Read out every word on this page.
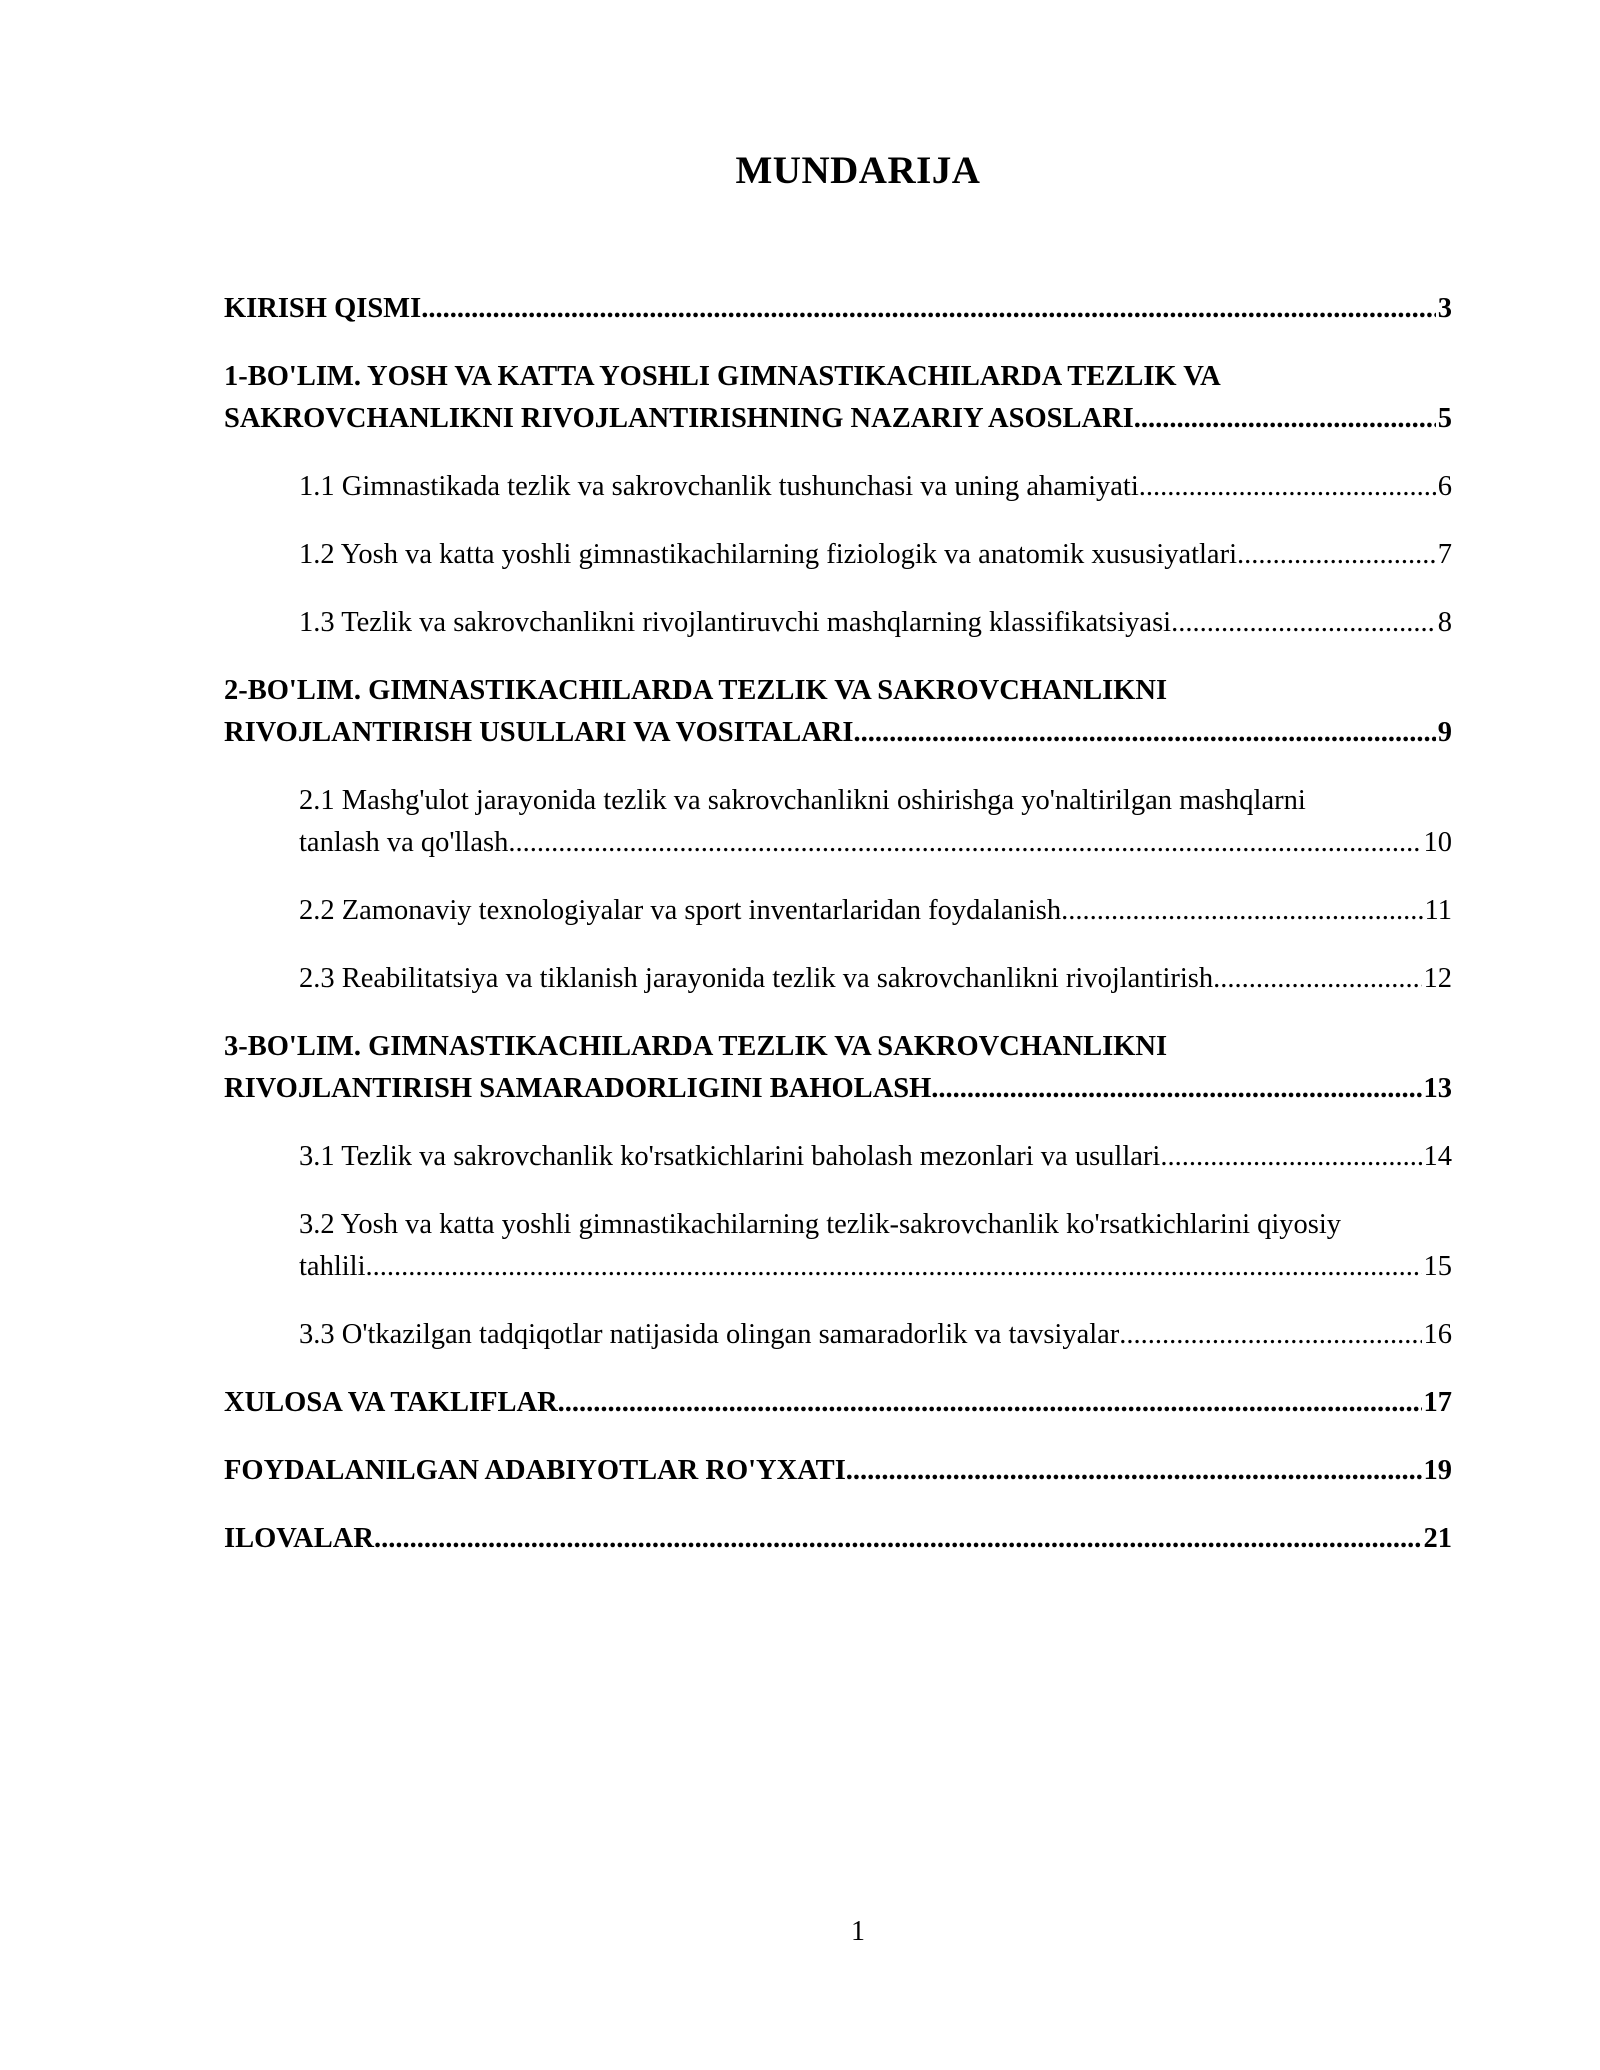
MUNDARIJA
KIRISH QISMI .....	3
1-BO'LIM. YOSH VA KATTA YOSHLI GIMNASTIKACHILARDA TEZLIK VA
SAKROVCHANLIKNI RIVOJLANTIRISHNING NAZARIY ASOSLARI .....	5
1.1 Gimnastikada tezlik va sakrovchanlik tushunchasi va uning ahamiyati .....	6
1.2 Yosh va katta yoshli gimnastikachilarning fiziologik va anatomik xususiyatlari .....	7
1.3 Tezlik va sakrovchanlikni rivojlantiruvchi mashqlarning klassifikatsiyasi .....	8
2-BO'LIM. GIMNASTIKACHILARDA TEZLIK VA SAKROVCHANLIKNI
RIVOJLANTIRISH USULLARI VA VOSITALARI .....	9
2.1 Mashg'ulot jarayonida tezlik va sakrovchanlikni oshirishga yo'naltirilgan mashqlarni
tanlash va qo'llash .....	10
2.2 Zamonaviy texnologiyalar va sport inventarlaridan foydalanish .....	11
2.3 Reabilitatsiya va tiklanish jarayonida tezlik va sakrovchanlikni rivojlantirish .....	12
3-BO'LIM. GIMNASTIKACHILARDA TEZLIK VA SAKROVCHANLIKNI
RIVOJLANTIRISH SAMARADORLIGINI BAHOLASH .....	13
3.1 Tezlik va sakrovchanlik ko'rsatkichlarini baholash mezonlari va usullari .....	14
3.2 Yosh va katta yoshli gimnastikachilarning tezlik-sakrovchanlik ko'rsatkichlarini qiyosiy
tahlili .....	15
3.3 O'tkazilgan tadqiqotlar natijasida olingan samaradorlik va tavsiyalar .....	16
XULOSA VA TAKLIFLAR .....	17
FOYDALANILGAN ADABIYOTLAR RO'YXATI .....	19
ILOVALAR .....	21
1
